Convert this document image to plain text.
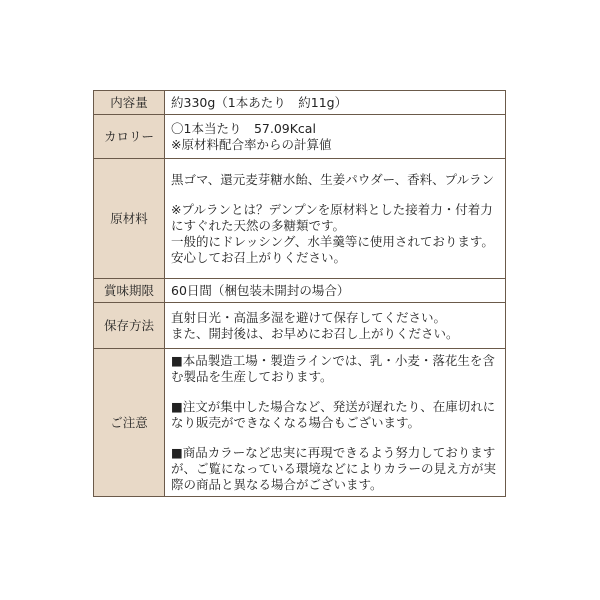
内容量	約330g（1本あたり　約11g）
カロリー	〇1本当たり　57.09Kcal
※原材料配合率からの計算値

原材料	黒ゴマ、還元麦芽糖水飴、生姜パウダー、香料、プルラン
※プルランとは？デンプンを原材料とした接着力・付着力にすぐれた天然の多糖類です。
一般的にドレッシング、水羊羹等に使用されております。安心してお召上がりください。

賞味期限	60日間（梱包装未開封の場合）
保存方法	直射日光・高温多湿を避けて保存してください。
また、開封後は、お早めにお召し上がりください。

ご注意	■本品製造工場・製造ラインでは、乳・小麦・落花生を含む製品を生産しております。
■注文が集中した場合など、発送が遅れたり、在庫切れになり販売ができなくなる場合もございます。
■商品カラーなど忠実に再現できるよう努力しておりますが、ご覧になっている環境などによりカラーの見え方が実際の商品と異なる場合がございます。
